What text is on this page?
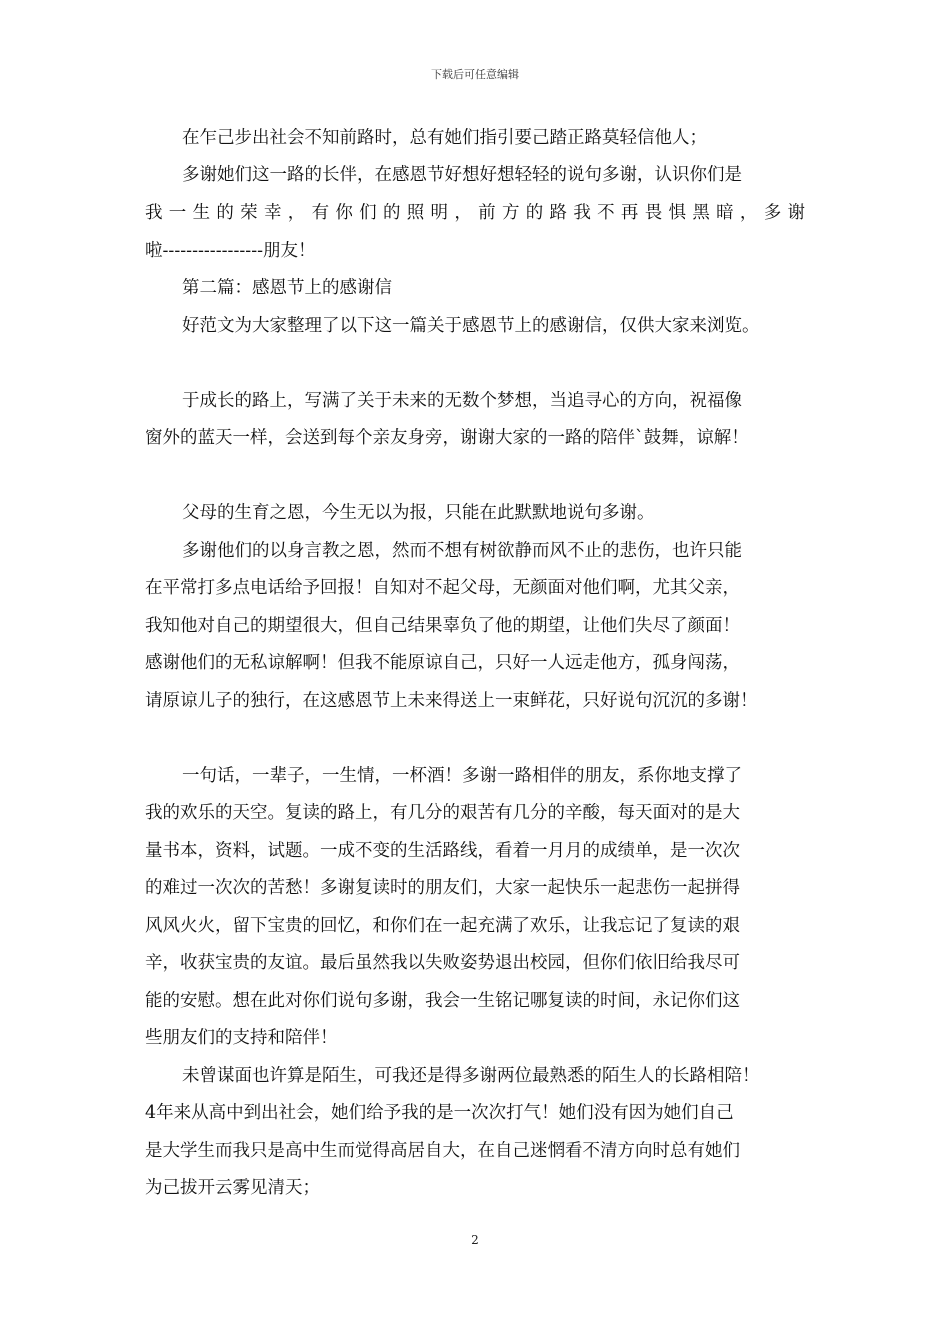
下载后可任意编辑
在乍己步出社会不知前路时，总有她们指引要己踏正路莫轻信他人；
多谢她们这一路的长伴，在感恩节好想好想轻轻的说句多谢，认识你们是
我一生的荣幸，有你们的照明，前方的路我不再畏惧黑暗，多谢
啦-----------------朋友！
第二篇：感恩节上的感谢信
好范文为大家整理了以下这一篇关于感恩节上的感谢信，仅供大家来浏览。
于成长的路上，写满了关于未来的无数个梦想，当追寻心的方向，祝福像
窗外的蓝天一样，会送到每个亲友身旁，谢谢大家的一路的陪伴`鼓舞，谅解！
父母的生育之恩，今生无以为报，只能在此默默地说句多谢。
多谢他们的以身言教之恩，然而不想有树欲静而风不止的悲伤，也许只能
在平常打多点电话给予回报！自知对不起父母，无颜面对他们啊，尤其父亲，
我知他对自己的期望很大，但自己结果辜负了他的期望，让他们失尽了颜面！
感谢他们的无私谅解啊！但我不能原谅自己，只好一人远走他方，孤身闯荡，
请原谅儿子的独行，在这感恩节上未来得送上一束鲜花，只好说句沉沉的多谢！
一句话，一辈子，一生情，一杯酒！多谢一路相伴的朋友，系你地支撑了
我的欢乐的天空。复读的路上，有几分的艰苦有几分的辛酸，每天面对的是大
量书本，资料，试题。一成不变的生活路线，看着一月月的成绩单，是一次次
的难过一次次的苦愁！多谢复读时的朋友们，大家一起快乐一起悲伤一起拼得
风风火火，留下宝贵的回忆，和你们在一起充满了欢乐，让我忘记了复读的艰
辛，收获宝贵的友谊。最后虽然我以失败姿势退出校园，但你们依旧给我尽可
能的安慰。想在此对你们说句多谢，我会一生铭记哪复读的时间，永记你们这
些朋友们的支持和陪伴！
未曾谋面也许算是陌生，可我还是得多谢两位最熟悉的陌生人的长路相陪！
4年来从高中到出社会，她们给予我的是一次次打气！她们没有因为她们自己
是大学生而我只是高中生而觉得高居自大，在自己迷惘看不清方向时总有她们
为己拔开云雾见清天；
2
